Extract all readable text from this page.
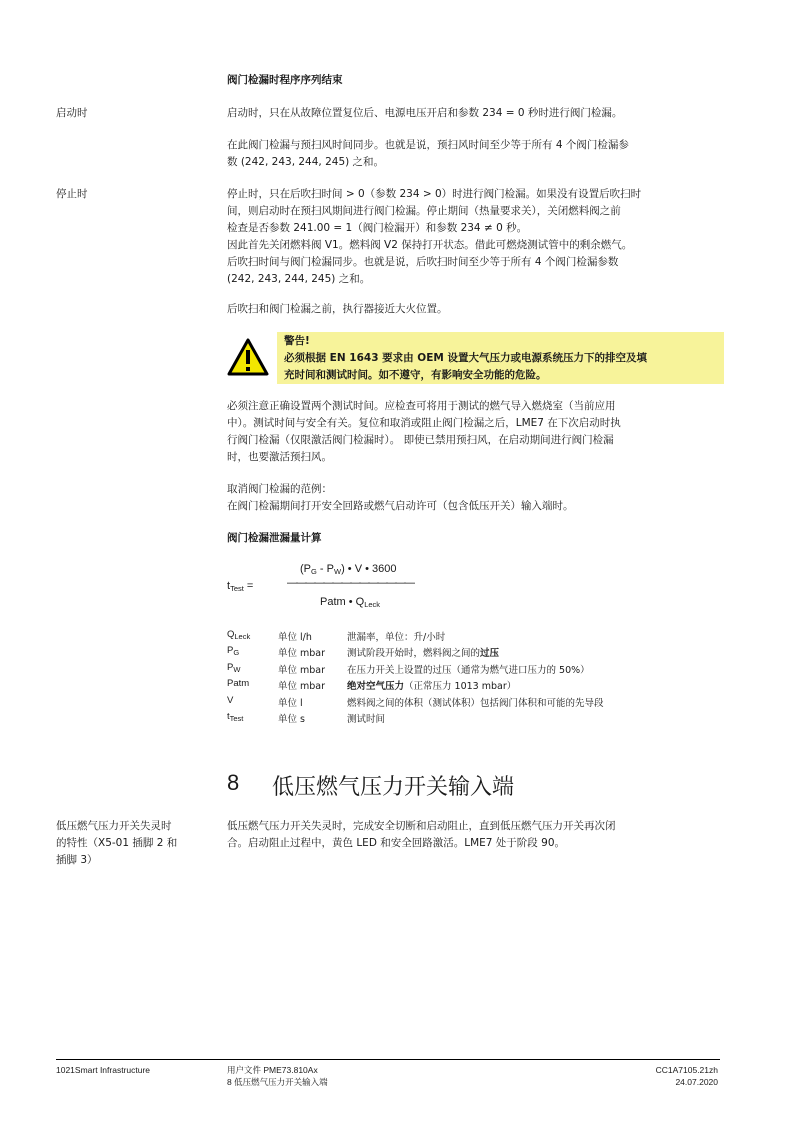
阀门检漏时程序序列结束
启动时	启动时，只在从故障位置复位后、电源电压开启和参数 234 = 0 秒时进行阀门检漏。
在此阀门检漏与预扫风时间同步。也就是说，预扫风时间至少等于所有 4 个阀门检漏参
数 (242, 243, 244, 245) 之和。
停止时	停止时，只在后吹扫时间 > 0（参数 234 > 0）时进行阀门检漏。如果没有设置后吹扫时
间，则启动时在预扫风期间进行阀门检漏。停止期间（热量要求关），关闭燃料阀之前
检查是否参数 241.00 = 1（阀门检漏开）和参数 234 ≠ 0 秒。
因此首先关闭燃料阀 V1。燃料阀 V2 保持打开状态。借此可燃烧测试管中的剩余燃气。
后吹扫时间与阀门检漏同步。也就是说，后吹扫时间至少等于所有 4 个阀门检漏参数
(242, 243, 244, 245) 之和。
后吹扫和阀门检漏之前，执行器接近大火位置。
警告!
必须根据 EN 1643 要求由 OEM 设置大气压力或电源系统压力下的排空及填
充时间和测试时间。如不遵守，有影响安全功能的危险。
必须注意正确设置两个测试时间。应检查可将用于测试的燃气导入燃烧室（当前应用
中）。测试时间与安全有关。复位和取消或阻止阀门检漏之后，LME7 在下次启动时执
行阀门检漏（仅限激活阀门检漏时）。 即使已禁用预扫风，在启动期间进行阀门检漏
时，也要激活预扫风。
取消阀门检漏的范例：
在阀门检漏期间打开安全回路或燃气启动许可（包含低压开关）输入端时。
阀门检漏泄漏量计算
$(P_G - P_W)$ • V • 3600
$t_{Test}$ =	——————————————
Patm • $Q_{Leck}$
$Q_{Leck}$	单位 l/h	泄漏率，单位：升/小时
$P_G$	单位 mbar 测试阶段开始时，燃料阀之间的过压
$P_W$	单位 mbar 在压力开关上设置的过压（通常为燃气进口压力的 50%）
Patm	单位 mbar 绝对空气压力（正常压力 1013 mbar）
V	单位 l	燃料阀之间的体积（测试体积）包括阀门体积和可能的先导段
$t_{Test}$	单位 s	测试时间
8 低压燃气压力开关输入端
低压燃气压力开关失灵时
的特性（X5-01 插脚 2 和
插脚 3）
低压燃气压力开关失灵时，完成安全切断和启动阻止，直到低压燃气压力开关再次闭
合。启动阻止过程中，黄色 LED 和安全回路激活。LME7 处于阶段 90。
1021Smart Infrastructure	用户文件 PME73.810Ax
8 低压燃气压力开关输入端
CC1A7105.21zh
24.07.2020
